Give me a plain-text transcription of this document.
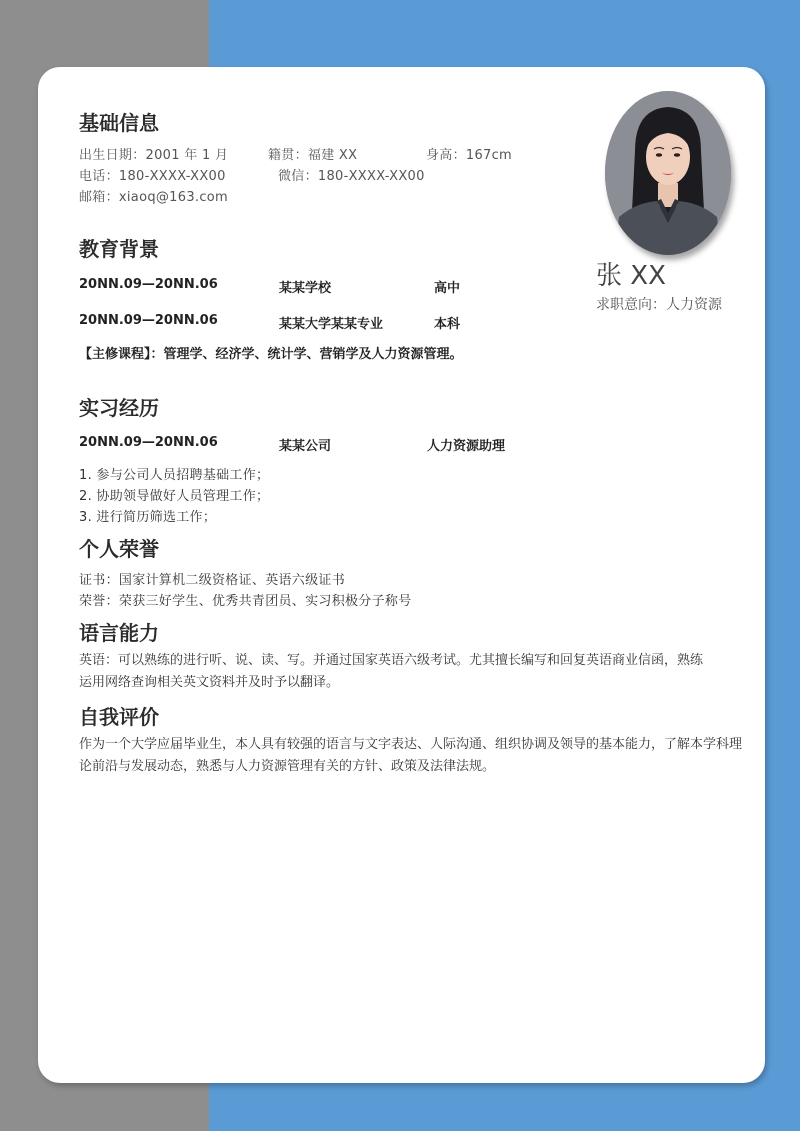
基础信息
出生日期：2001 年 1 月	籍贯：福建 XX	身高：167cm
电话：180-XXXX-XX00	微信：180-XXXX-XX00
邮箱：xiaoq@163.com
张 XX
求职意向：人力资源
教育背景
20NN.09—20NN.06	某某学校	高中
20NN.09—20NN.06	某某大学某某专业	本科
【主修课程】：管理学、经济学、统计学、营销学及人力资源管理。
实习经历
20NN.09—20NN.06	某某公司	人力资源助理
1. 参与公司人员招聘基础工作；
2. 协助领导做好人员管理工作；
3. 进行简历筛选工作；
个人荣誉
证书：国家计算机二级资格证、英语六级证书
荣誉：荣获三好学生、优秀共青团员、实习积极分子称号
语言能力
英语：可以熟练的进行听、说、读、写。并通过国家英语六级考试。尤其擅长编写和回复英语商业信函，熟练运用网络查询相关英文资料并及时予以翻译。
自我评价
作为一个大学应届毕业生，本人具有较强的语言与文字表达、人际沟通、组织协调及领导的基本能力，了解本学科理论前沿与发展动态，熟悉与人力资源管理有关的方针、政策及法律法规。
